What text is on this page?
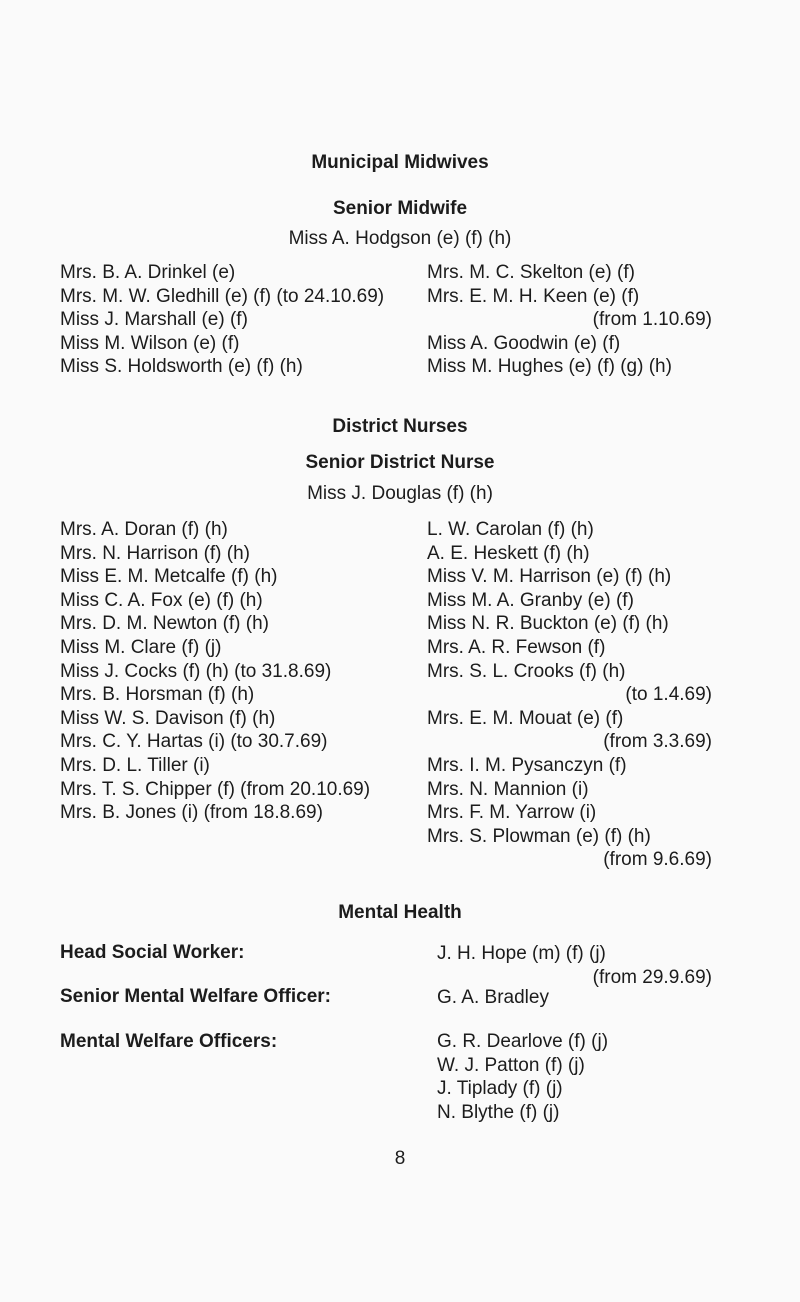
Municipal Midwives
Senior Midwife
Miss A. Hodgson (e) (f) (h)
Mrs. B. A. Drinkel (e)
Mrs. M. W. Gledhill (e) (f) (to 24.10.69)
Miss J. Marshall (e) (f)
Miss M. Wilson (e) (f)
Miss S. Holdsworth (e) (f) (h)
Mrs. M. C. Skelton (e) (f)
Mrs. E. M. H. Keen (e) (f)
(from 1.10.69)
Miss A. Goodwin (e) (f)
Miss M. Hughes (e) (f) (g) (h)
District Nurses
Senior District Nurse
Miss J. Douglas (f) (h)
Mrs. A. Doran (f) (h)
Mrs. N. Harrison (f) (h)
Miss E. M. Metcalfe (f) (h)
Miss C. A. Fox (e) (f) (h)
Mrs. D. M. Newton (f) (h)
Miss M. Clare (f) (j)
Miss J. Cocks (f) (h) (to 31.8.69)
Mrs. B. Horsman (f) (h)
Miss W. S. Davison (f) (h)
Mrs. C. Y. Hartas (i) (to 30.7.69)
Mrs. D. L. Tiller (i)
Mrs. T. S. Chipper (f) (from 20.10.69)
Mrs. B. Jones (i) (from 18.8.69)
L. W. Carolan (f) (h)
A. E. Heskett (f) (h)
Miss V. M. Harrison (e) (f) (h)
Miss M. A. Granby (e) (f)
Miss N. R. Buckton (e) (f) (h)
Mrs. A. R. Fewson (f)
Mrs. S. L. Crooks (f) (h)
(to 1.4.69)
Mrs. E. M. Mouat (e) (f)
(from 3.3.69)
Mrs. I. M. Pysanczyn (f)
Mrs. N. Mannion (i)
Mrs. F. M. Yarrow (i)
Mrs. S. Plowman (e) (f) (h)
(from 9.6.69)
Mental Health
Head Social Worker:	J. H. Hope (m) (f) (j)
(from 29.9.69)
Senior Mental Welfare Officer:	G. A. Bradley
Mental Welfare Officers:	G. R. Dearlove (f) (j)
W. J. Patton (f) (j)
J. Tiplady (f) (j)
N. Blythe (f) (j)
8
